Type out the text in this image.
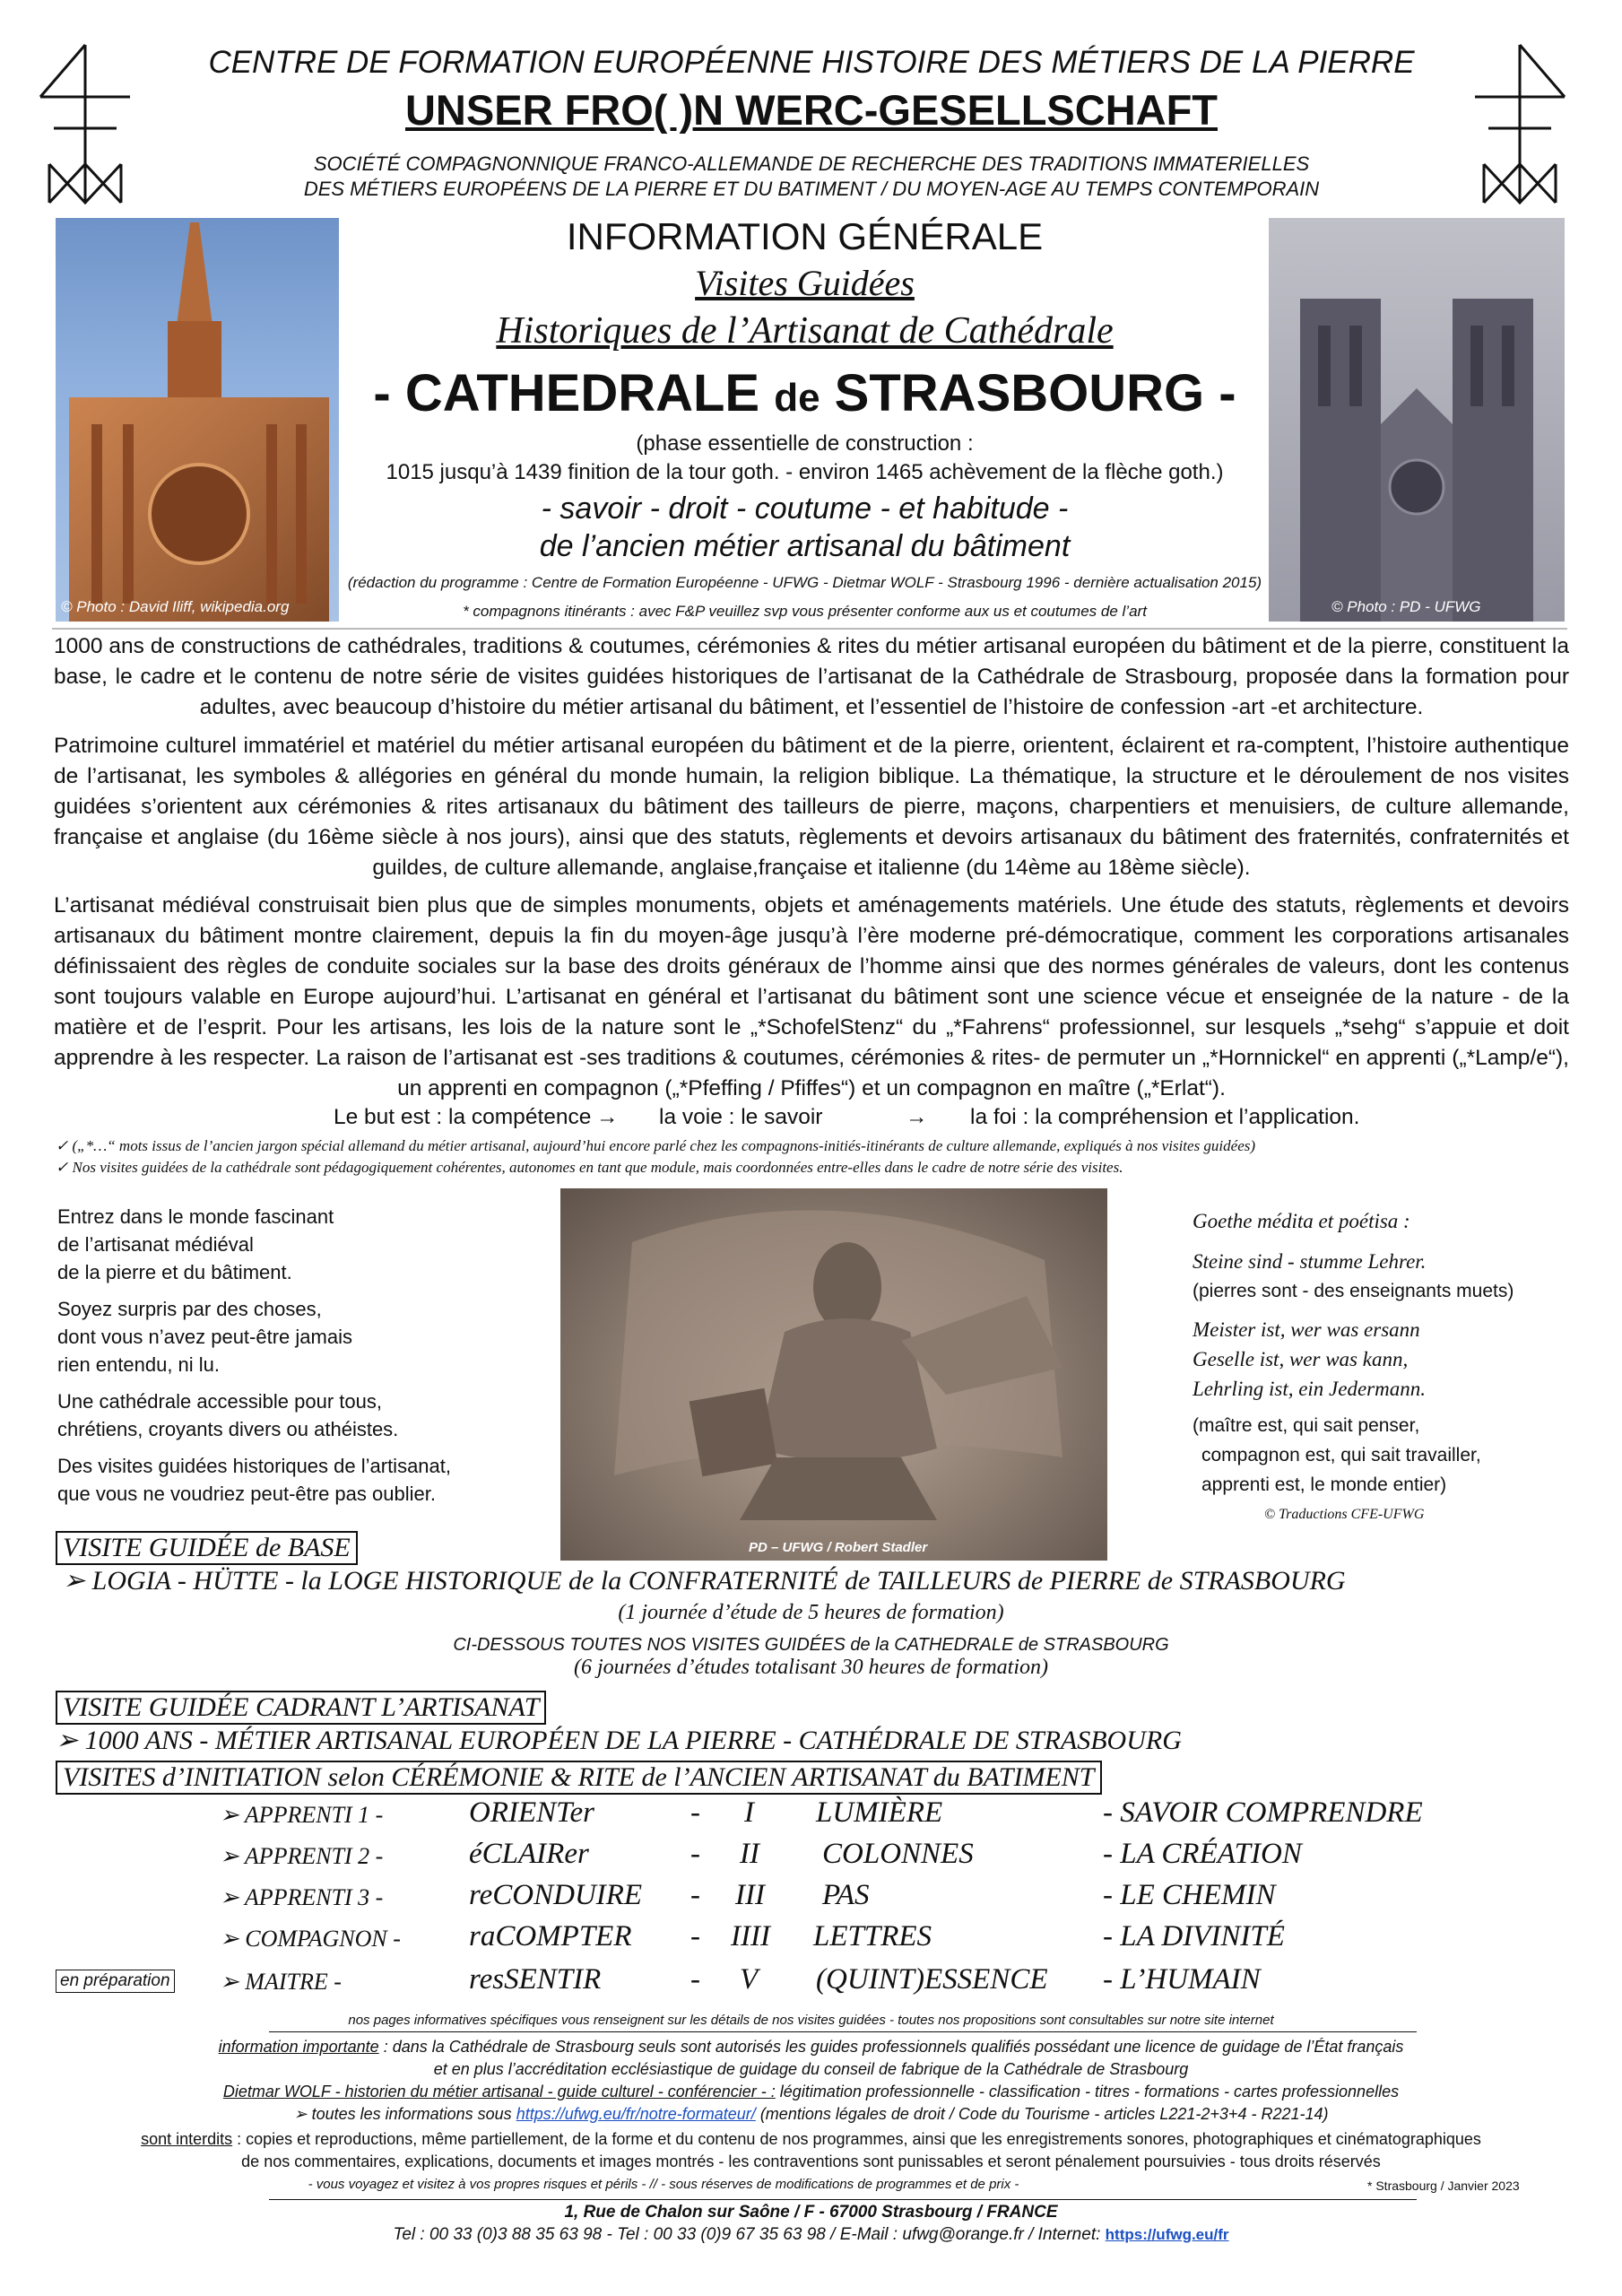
CENTRE DE FORMATION EUROPÉENNE HISTOIRE DES MÉTIERS DE LA PIERRE
UNSER FRO( )N WERC-GESELLSCHAFT
SOCIÉTÉ COMPAGNONNIQUE FRANCO-ALLEMANDE DE RECHERCHE DES TRADITIONS IMMATERIELLES
DES MÉTIERS EUROPÉENS DE LA PIERRE ET DU BATIMENT / DU MOYEN-AGE AU TEMPS CONTEMPORAIN
© Photo : David Iliff, wikipedia.org	© Photo : PD - UFWG
INFORMATION GÉNÉRALE
Visites Guidées
Historiques de l’Artisanat de Cathédrale
- CATHEDRALE de STRASBOURG -
(phase essentielle de construction :
1015 jusqu’à 1439 finition de la tour goth. - environ 1465 achèvement de la flèche goth.)
- savoir - droit - coutume - et habitude -
de l’ancien métier artisanal du bâtiment
(rédaction du programme : Centre de Formation Européenne - UFWG - Dietmar WOLF - Strasbourg 1996 - dernière actualisation 2015)
* compagnons itinérants : avec F&P veuillez svp vous présenter conforme aux us et coutumes de l’art
1000 ans de constructions de cathédrales, traditions & coutumes, cérémonies & rites du métier artisanal européen du bâtiment et de la pierre, constituent la base, le cadre et le contenu de notre série de visites guidées historiques de l’artisanat de la Cathédrale de Strasbourg, proposée dans la formation pour adultes, avec beaucoup d’histoire du métier artisanal du bâtiment, et l’essentiel de l’histoire de confession -art -et architecture.
Patrimoine culturel immatériel et matériel du métier artisanal européen du bâtiment et de la pierre, orientent, éclairent et ra-comptent, l’histoire authentique de l’artisanat, les symboles & allégories en général du monde humain, la religion biblique. La thématique, la structure et le déroulement de nos visites guidées s’orientent aux cérémonies & rites artisanaux du bâtiment des tailleurs de pierre, maçons, charpentiers et menuisiers, de culture allemande, française et anglaise (du 16ème siècle à nos jours), ainsi que des statuts, règlements et devoirs artisanaux du bâtiment des fraternités, confraternités et guildes, de culture allemande, anglaise,française et italienne (du 14ème au 18ème siècle).
L’artisanat médiéval construisait bien plus que de simples monuments, objets et aménagements matériels. Une étude des statuts, règlements et devoirs artisanaux du bâtiment montre clairement, depuis la fin du moyen-âge jusqu’à l’ère moderne pré-démocratique, comment les corporations artisanales définissaient des règles de conduite sociales sur la base des droits généraux de l’homme ainsi que des normes générales de valeurs, dont les contenus sont toujours valable en Europe aujourd’hui. L’artisanat en général et l’artisanat du bâtiment sont une science vécue et enseignée de la nature - de la matière et de l’esprit. Pour les artisans, les lois de la nature sont le „*SchofelStenz“ du „*Fahrens“ professionnel, sur lesquels „*sehg“ s’appuie et doit apprendre à les respecter. La raison de l’artisanat est -ses traditions & coutumes, cérémonies & rites- de permuter un „*Hornnickel“ en apprenti („*Lamp/e“), un apprenti en compagnon („*Pfeffing / Pfiffes“) et un compagnon en maître („*Erlat“).
Le but est : la compétence → la voie : le savoir	→ la foi : la compréhension et l’application.
✓ („*…“ mots issus de l’ancien jargon spécial allemand du métier artisanal, aujourd’hui encore parlé chez les compagnons-initiés-itinérants de culture allemande, expliqués à nos visites guidées)
✓ Nos visites guidées de la cathédrale sont pédagogiquement cohérentes, autonomes en tant que module, mais coordonnées entre-elles dans le cadre de notre série des visites.
Entrez dans le monde fascinant
de l’artisanat médiéval
de la pierre et du bâtiment.
Soyez surpris par des choses,
dont vous n’avez peut-être jamais
rien entendu, ni lu.
Une cathédrale accessible pour tous,
chrétiens, croyants divers ou athéistes.
Des visites guidées historiques de l’artisanat,
que vous ne voudriez peut-être pas oublier.
PD – UFWG / Robert Stadler
Goethe médita et poétisa :
Steine sind - stumme Lehrer.
(pierres sont - des enseignants muets)
Meister ist, wer was ersann
Geselle ist, wer was kann,
Lehrling ist, ein Jedermann.
(maître est, qui sait penser,
compagnon est, qui sait travailler,
apprenti est, le monde entier)
© Traductions CFE-UFWG
VISITE GUIDÉE de BASE
➢ LOGIA - HÜTTE - la LOGE HISTORIQUE de la CONFRATERNITÉ de TAILLEURS de PIERRE de STRASBOURG
(1 journée d’étude de 5 heures de formation)
CI-DESSOUS TOUTES NOS VISITES GUIDÉES de la CATHEDRALE de STRASBOURG
(6 journées d’études totalisant 30 heures de formation)
VISITE GUIDÉE CADRANT L’ARTISANAT
➢ 1000 ANS - MÉTIER ARTISANAL EUROPÉEN DE LA PIERRE - CATHÉDRALE DE STRASBOURG
VISITES d’INITIATION selon CÉRÉMONIE & RITE de l’ANCIEN ARTISANAT du BATIMENT
➢ APPRENTI 1 -	ORIENTer	- I LUMIÈRE	- SAVOIR COMPRENDRE
➢ APPRENTI 2 -	éCLAIRer	- II COLONNES	- LA CRÉATION
➢ APPRENTI 3 -	reCONDUIRE - III PAS	- LE CHEMIN
➢ COMPAGNON - raCOMPTER - IIII LETTRES	- LA DIVINITÉ
en préparation ➢ MAITRE -	resSENTIR	- V (QUINT)ESSENCE - L’HUMAIN
nos pages informatives spécifiques vous renseignent sur les détails de nos visites guidées - toutes nos propositions sont consultables sur notre site internet
information importante : dans la Cathédrale de Strasbourg seuls sont autorisés les guides professionnels qualifiés possédant une licence de guidage de l’État français
et en plus l’accréditation ecclésiastique de guidage du conseil de fabrique de la Cathédrale de Strasbourg
Dietmar WOLF - historien du métier artisanal - guide culturel - conférencier - : légitimation professionnelle - classification - titres - formations - cartes professionnelles
➢ toutes les informations sous https://ufwg.eu/fr/notre-formateur/ (mentions légales de droit / Code du Tourisme - articles L221-2+3+4 - R221-14)
sont interdits : copies et reproductions, même partiellement, de la forme et du contenu de nos programmes, ainsi que les enregistrements sonores, photographiques et cinématographiques
de nos commentaires, explications, documents et images montrés - les contraventions sont punissables et seront pénalement poursuivies - tous droits réservés
- vous voyagez et visitez à vos propres risques et périls - // - sous réserves de modifications de programmes et de prix -	* Strasbourg / Janvier 2023
1, Rue de Chalon sur Saône / F - 67000 Strasbourg / FRANCE
Tel : 00 33 (0)3 88 35 63 98 - Tel : 00 33 (0)9 67 35 63 98 / E-Mail : ufwg@orange.fr / Internet: https://ufwg.eu/fr
